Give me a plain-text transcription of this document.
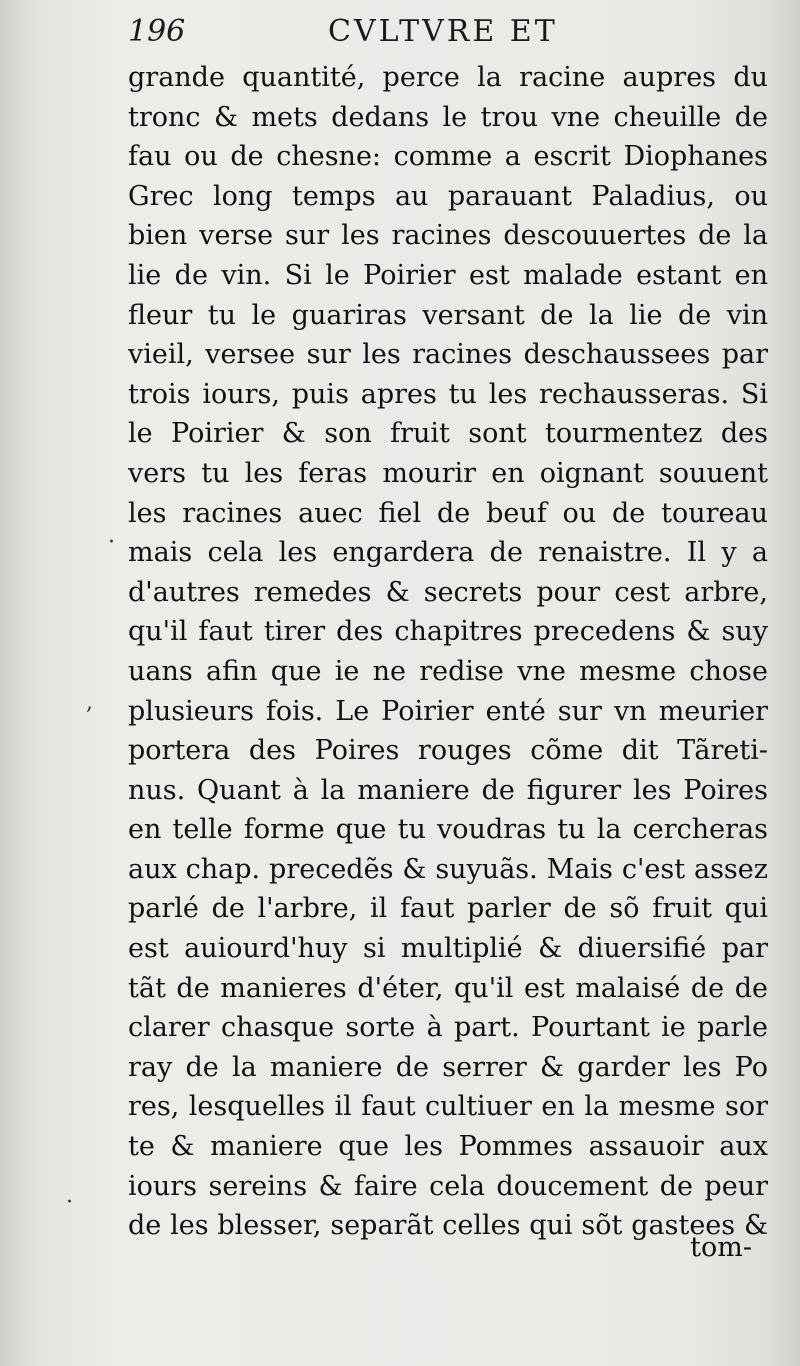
196	CVLTVRE ET
grande quantité, perce la racine aupres du
tronc & mets dedans le trou vne cheuille de
fau ou de chesne: comme a escrit Diophanes
Grec long temps au parauant Paladius, ou
bien verse sur les racines descouuertes de la
lie de vin. Si le Poirier est malade estant en
fleur tu le guariras versant de la lie de vin
vieil, versee sur les racines deschaussees par
trois iours, puis apres tu les rechausseras. Si
le Poirier & son fruit sont tourmentez des
vers tu les feras mourir en oignant souuent
les racines auec fiel de beuf ou de toureau
mais cela les engardera de renaistre. Il y a
d'autres remedes & secrets pour cest arbre,
qu'il faut tirer des chapitres precedens & suy
uans afin que ie ne redise vne mesme chose
plusieurs fois. Le Poirier enté sur vn meurier
portera des Poires rouges cõme dit Tãreti-
nus. Quant à la maniere de figurer les Poires
en telle forme que tu voudras tu la cercheras
aux chap. precedẽs & suyuãs. Mais c'est assez
parlé de l'arbre, il faut parler de sõ fruit qui
est auiourd'huy si multiplié & diuersifié par
tãt de manieres d'éter, qu'il est malaisé de de
clarer chasque sorte à part. Pourtant ie parle
ray de la maniere de serrer & garder les Po
res, lesquelles il faut cultiuer en la mesme sor
te & maniere que les Pommes assauoir aux
iours sereins & faire cela doucement de peur
de les blesser, separãt celles qui sõt gastees &
tom-
·
,
·
